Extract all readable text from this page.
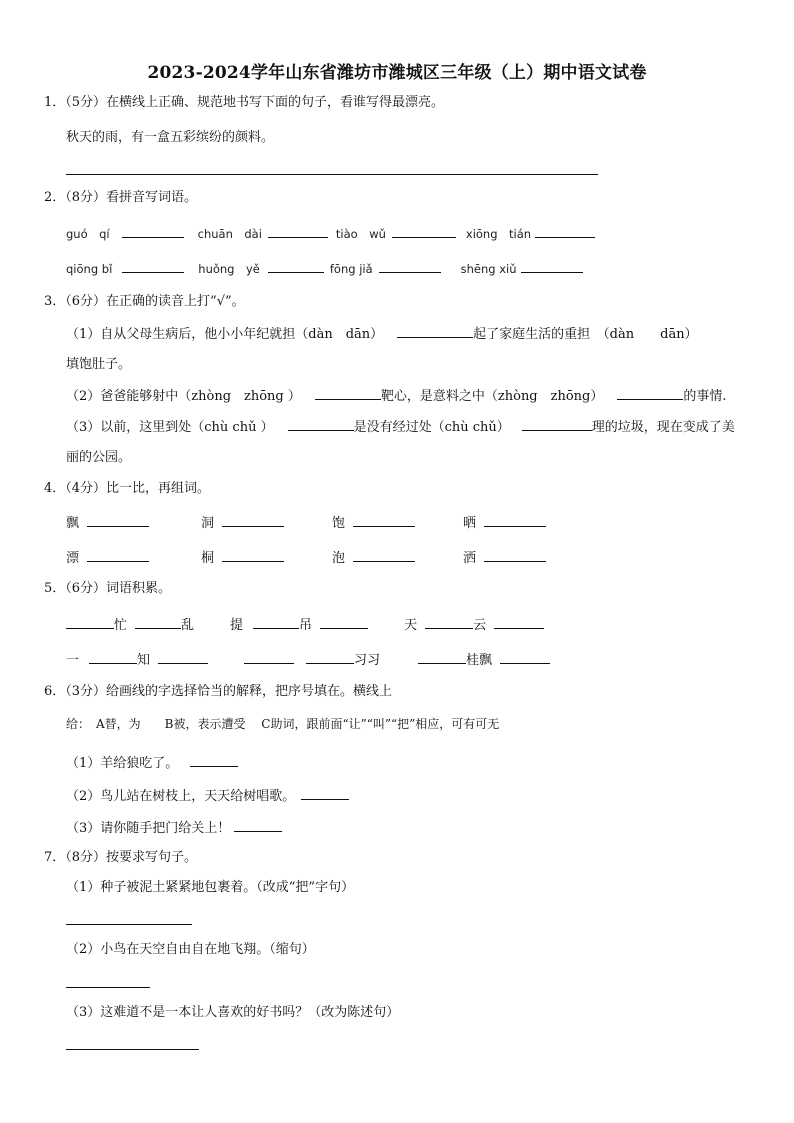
2023-2024学年山东省潍坊市潍城区三年级（上）期中语文试卷
1．（5分）在横线上正确、规范地书写下面的句子，看谁写得最漂亮。
秋天的雨，有一盒五彩缤纷的颜料。
2．（8分）看拼音写词语。
guó　qí	chuān　dài	tiào　wǔ	xiōng　tián
qiōng bǐ	huǒng　yě	fōng jiǎ	shēng xiǔ
3．（6分）在正确的读音上打“√”。
（1）自从父母生病后，他小小年纪就担（dàn　dān）	起了家庭生活的重担　（dàn　　dān）
填饱肚子。
（2）爸爸能够射中（zhòng　zhōng ）	靶心，是意料之中（zhòng　zhōng）	的事情.
（3）以前，这里到处（chù chǔ ）	是没有经过处（chù chǔ）	理的垃圾，现在变成了美
丽的公园。
4．（4分）比一比，再组词。
飘	洞	饱	晒
漂	桐	泡	洒
5．（6分）词语积累。
忙	乱	提	吊	天	云
一	知	习习	桂飘
6．（3分）给画线的字选择恰当的解释，把序号填在。横线上
给：　A替，为　　B被，表示遭受　 C助词，跟前面“让”“叫”“把”相应，可有可无
（1）羊给狼吃了。
（2）鸟儿站在树枝上，天天给树唱歌。
（3）请你随手把门给关上！
7．（8分）按要求写句子。
（1）种子被泥土紧紧地包裹着。（改成“把”字句）
（2）小鸟在天空自由自在地飞翔。（缩句）
（3）这难道不是一本让人喜欢的好书吗？（改为陈述句）
